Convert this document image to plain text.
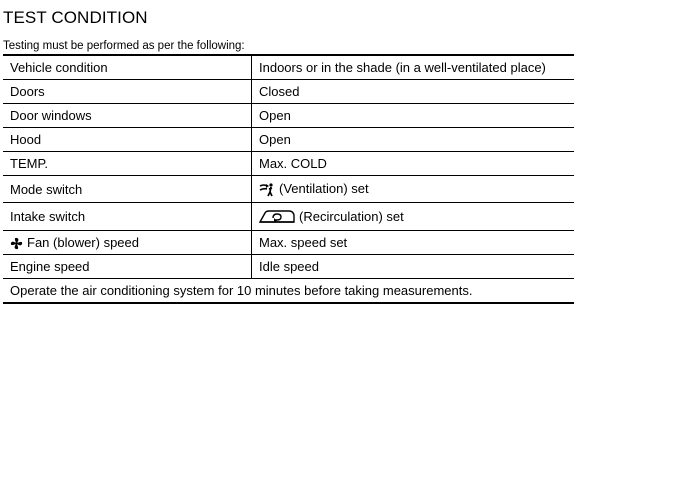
TEST CONDITION
Testing must be performed as per the following:
Vehicle condition	Indoors or in the shade (in a well-ventilated place)
Doors	Closed
Door windows	Open
Hood	Open
TEMP.	Max. COLD
Mode switch	(Ventilation) set
Intake switch	(Recirculation) set

Fan (blower) speed	Max. speed set
Engine speed	Idle speed
Operate the air conditioning system for 10 minutes before taking measurements.	
